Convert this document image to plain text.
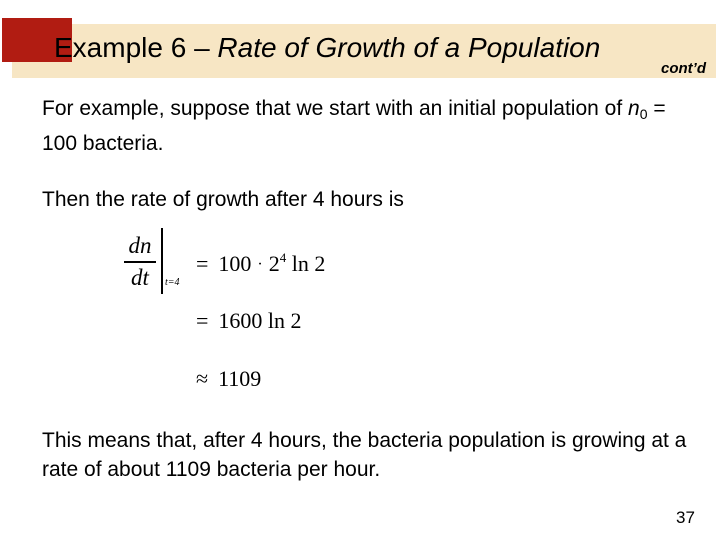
Example 6 – Rate of Growth of a Population
cont’d

For example, suppose that we start with an initial population of $n_0 = 100$ bacteria.

Then the rate of growth after 4 hours is

dn
dt	t=4
= $100 \cdot 2^4$ ln 2
= 1600 ln 2
≈ 1109

This means that, after 4 hours, the bacteria population is growing at a rate of about 1109 bacteria per hour.

37
